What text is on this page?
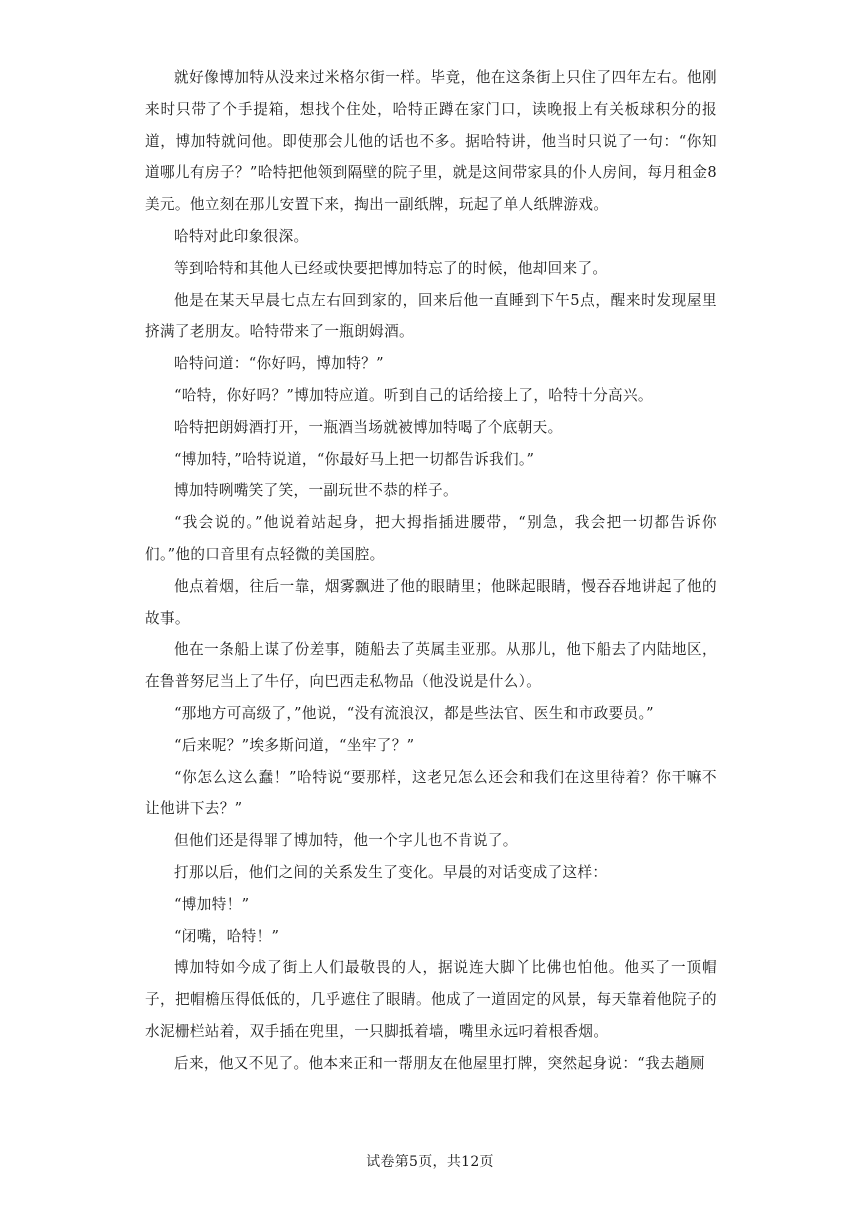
就好像博加特从没来过米格尔街一样。毕竟，他在这条街上只住了四年左右。他刚来时只带了个手提箱，想找个住处，哈特正蹲在家门口，读晚报上有关板球积分的报道，博加特就问他。即使那会儿他的话也不多。据哈特讲，他当时只说了一句：“你知道哪儿有房子？”哈特把他领到隔壁的院子里，就是这间带家具的仆人房间，每月租金8美元。他立刻在那儿安置下来，掏出一副纸牌，玩起了单人纸牌游戏。

哈特对此印象很深。

等到哈特和其他人已经或快要把博加特忘了的时候，他却回来了。

他是在某天早晨七点左右回到家的，回来后他一直睡到下午5点，醒来时发现屋里挤满了老朋友。哈特带来了一瓶朗姆酒。

哈特问道：“你好吗，博加特？”

“哈特，你好吗？”博加特应道。听到自己的话给接上了，哈特十分高兴。

哈特把朗姆酒打开，一瓶酒当场就被博加特喝了个底朝天。

“博加特，”哈特说道，“你最好马上把一切都告诉我们。”

博加特咧嘴笑了笑，一副玩世不恭的样子。

“我会说的。”他说着站起身，把大拇指插进腰带，“别急，我会把一切都告诉你们。”他的口音里有点轻微的美国腔。

他点着烟，往后一靠，烟雾飘进了他的眼睛里；他眯起眼睛，慢吞吞地讲起了他的故事。

他在一条船上谋了份差事，随船去了英属圭亚那。从那儿，他下船去了内陆地区，在鲁普努尼当上了牛仔，向巴西走私物品（他没说是什么）。

“那地方可高级了，”他说，“没有流浪汉，都是些法官、医生和市政要员。”

“后来呢？”埃多斯问道，“坐牢了？”

“你怎么这么蠢！”哈特说“要那样，这老兄怎么还会和我们在这里待着？你干嘛不让他讲下去？”

但他们还是得罪了博加特，他一个字儿也不肯说了。

打那以后，他们之间的关系发生了变化。早晨的对话变成了这样：

“博加特！”

“闭嘴，哈特！”

博加特如今成了街上人们最敬畏的人，据说连大脚丫比佛也怕他。他买了一顶帽子，把帽檐压得低低的，几乎遮住了眼睛。他成了一道固定的风景，每天靠着他院子的水泥栅栏站着，双手插在兜里，一只脚抵着墙，嘴里永远叼着根香烟。

后来，他又不见了。他本来正和一帮朋友在他屋里打牌，突然起身说：“我去趟厕

试卷第5页，共12页
